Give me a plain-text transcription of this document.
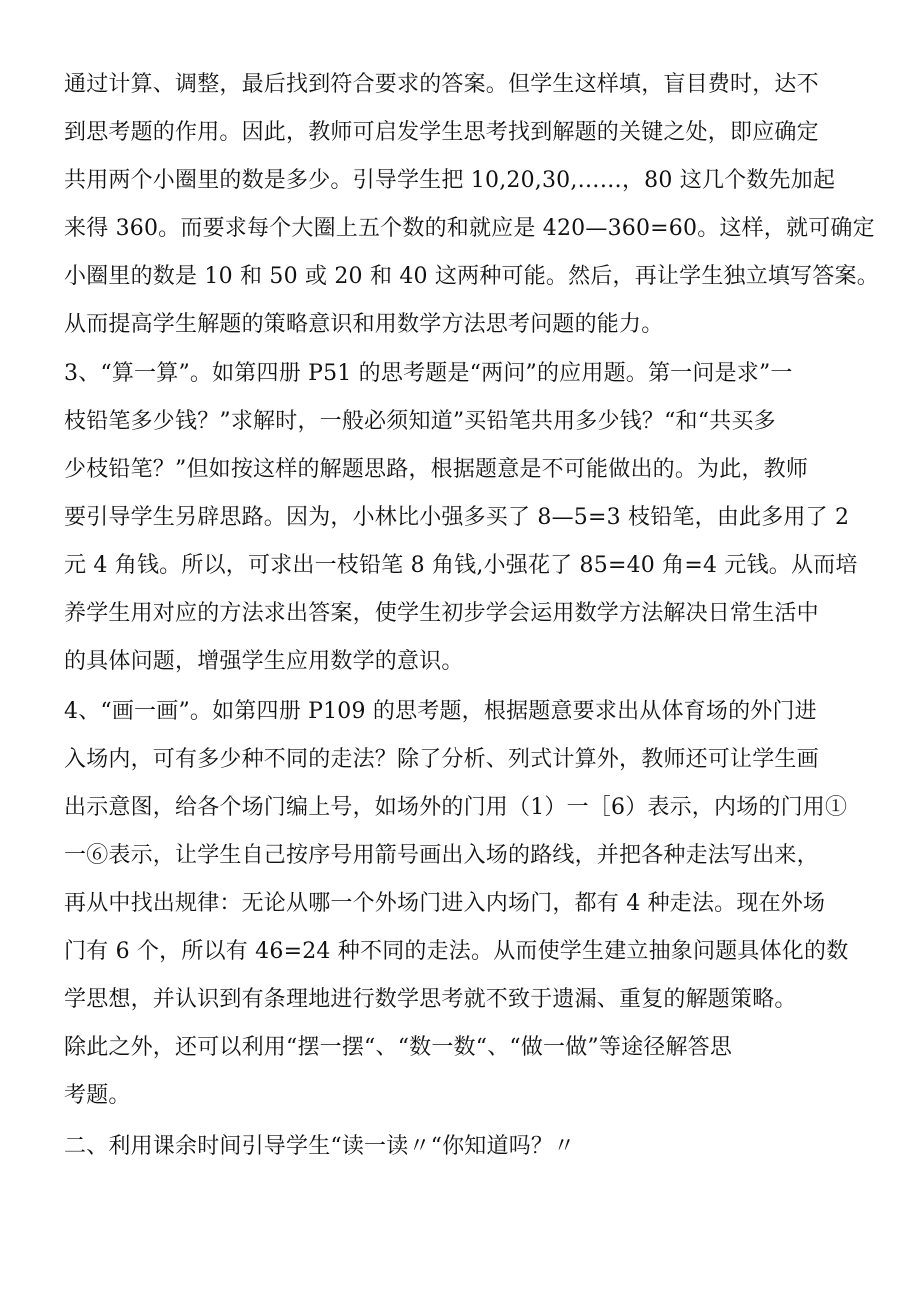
通过计算、调整，最后找到符合要求的答案。但学生这样填，盲目费时，达不
到思考题的作用。因此，教师可启发学生思考找到解题的关键之处，即应确定
共用两个小圈里的数是多少。引导学生把 10,20,30,……，80 这几个数先加起
来得 360。而要求每个大圈上五个数的和就应是 420—360=60。这样，就可确定
小圈里的数是 10 和 50 或 20 和 40 这两种可能。然后，再让学生独立填写答案。
从而提高学生解题的策略意识和用数学方法思考问题的能力。
3、“算一算”。如第四册 P51 的思考题是“两问”的应用题。第一问是求”一
枝铅笔多少钱？”求解时，一般必须知道”买铅笔共用多少钱？“和“共买多
少枝铅笔？”但如按这样的解题思路，根据题意是不可能做出的。为此，教师
要引导学生另辟思路。因为，小林比小强多买了 8—5=3 枝铅笔，由此多用了 2
元 4 角钱。所以，可求出一枝铅笔 8 角钱,小强花了 85=40 角=4 元钱。从而培
养学生用对应的方法求出答案，使学生初步学会运用数学方法解决日常生活中
的具体问题，增强学生应用数学的意识。
4、“画一画”。如第四册 P109 的思考题，根据题意要求出从体育场的外门进
入场内，可有多少种不同的走法？除了分析、列式计算外，教师还可让学生画
出示意图，给各个场门编上号，如场外的门用（1）一［6）表示，内场的门用①
一⑥表示，让学生自己按序号用箭号画出入场的路线，并把各种走法写出来，
再从中找出规律：无论从哪一个外场门进入内场门，都有 4 种走法。现在外场
门有 6 个，所以有 46=24 种不同的走法。从而使学生建立抽象问题具体化的数
学思想，并认识到有条理地进行数学思考就不致于遗漏、重复的解题策略。
除此之外，还可以利用“摆一摆“、“数一数“、“做一做”等途径解答思
考题。
二、利用课余时间引导学生“读一读〃“你知道吗？〃
